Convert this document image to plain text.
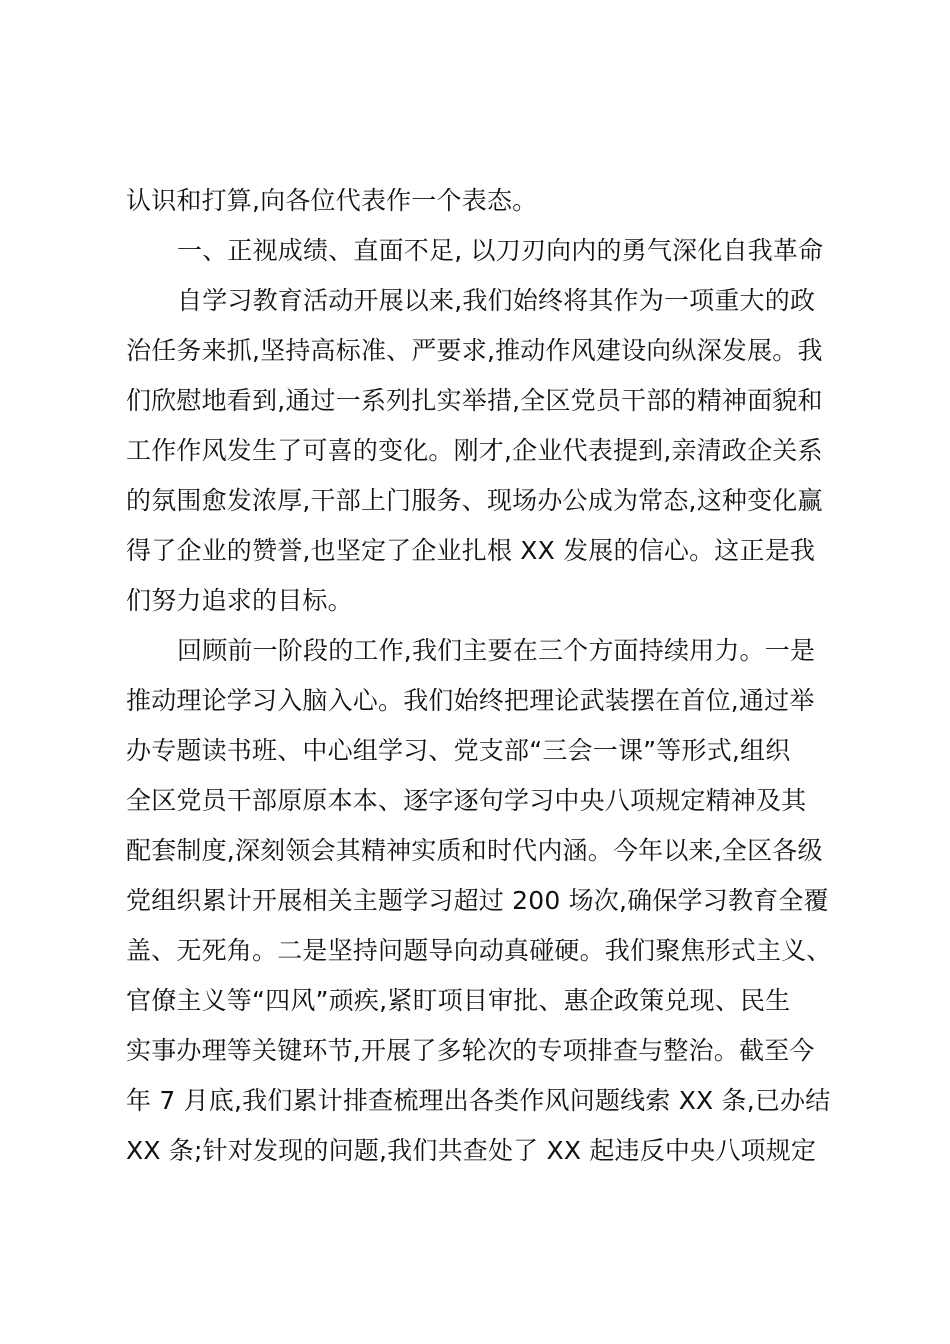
认识和打算,向各位代表作一个表态。
一、正视成绩、直面不足, 以刀刃向内的勇气深化自我革命
自学习教育活动开展以来,我们始终将其作为一项重大的政
治任务来抓,坚持高标准、严要求,推动作风建设向纵深发展。我
们欣慰地看到,通过一系列扎实举措,全区党员干部的精神面貌和
工作作风发生了可喜的变化。刚才,企业代表提到,亲清政企关系
的氛围愈发浓厚,干部上门服务、现场办公成为常态,这种变化赢
得了企业的赞誉,也坚定了企业扎根 XX 发展的信心。这正是我
们努力追求的目标。
回顾前一阶段的工作,我们主要在三个方面持续用力。一是
推动理论学习入脑入心。我们始终把理论武装摆在首位,通过举
办专题读书班、中心组学习、党支部“三会一课”等形式,组织
全区党员干部原原本本、逐字逐句学习中央八项规定精神及其
配套制度,深刻领会其精神实质和时代内涵。今年以来,全区各级
党组织累计开展相关主题学习超过 200 场次,确保学习教育全覆
盖、无死角。二是坚持问题导向动真碰硬。我们聚焦形式主义、
官僚主义等“四风”顽疾,紧盯项目审批、惠企政策兑现、民生
实事办理等关键环节,开展了多轮次的专项排查与整治。截至今
年 7 月底,我们累计排查梳理出各类作风问题线索 XX 条,已办结
XX 条;针对发现的问题,我们共查处了 XX 起违反中央八项规定
